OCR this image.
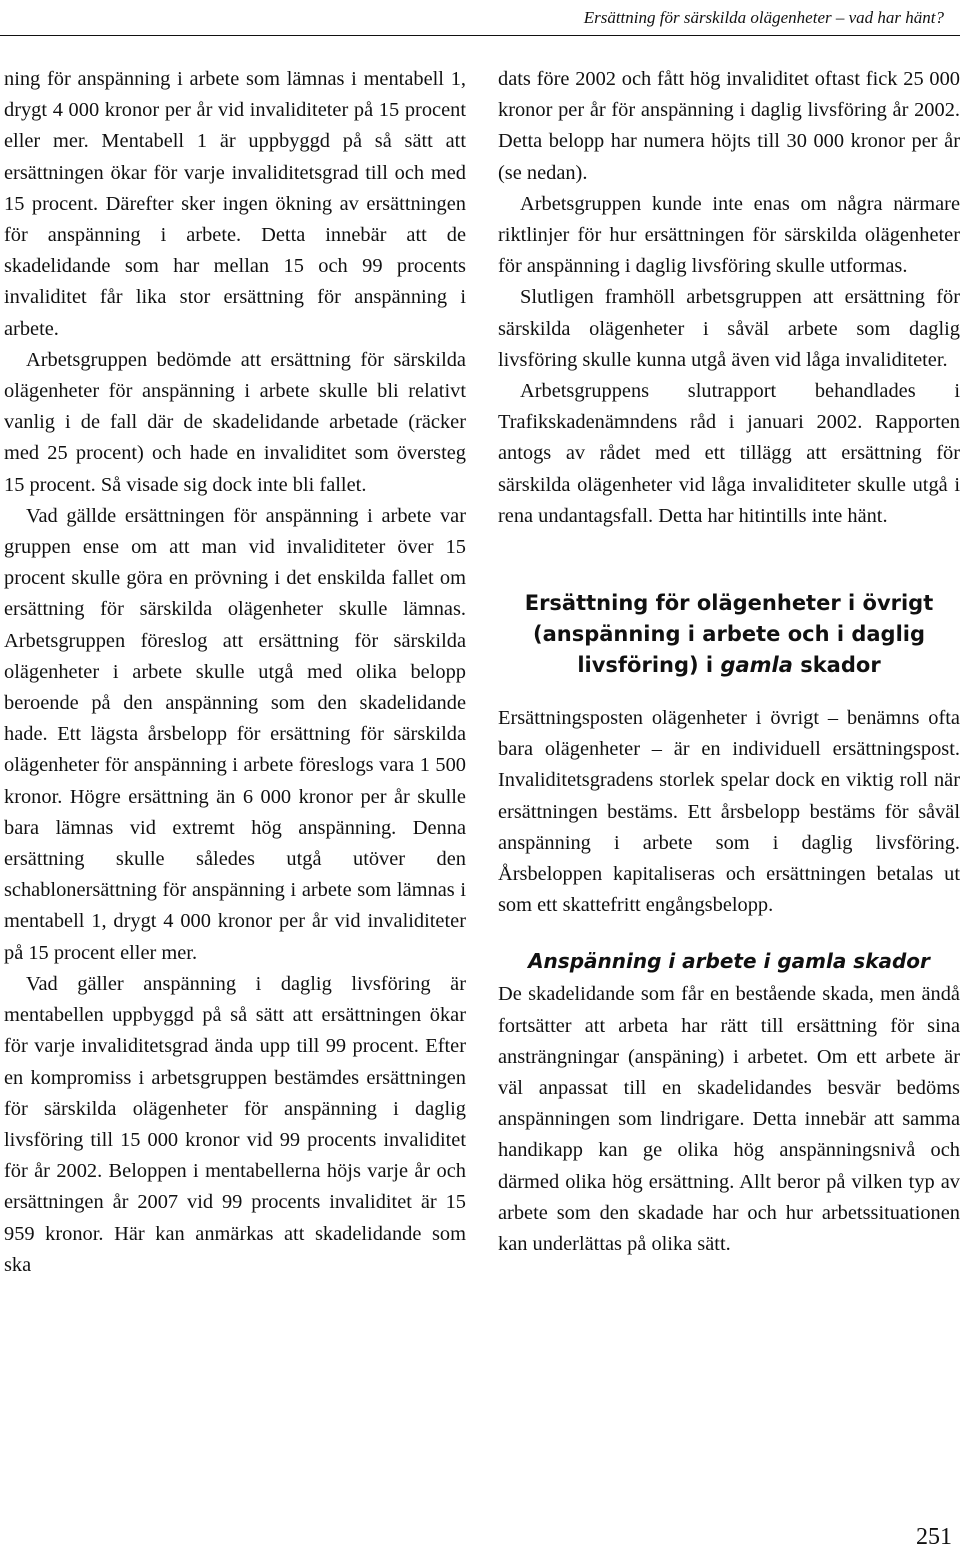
Ersättning för särskilda olägenheter – vad har hänt?

ning för anspänning i arbete som lämnas i mentabell 1, drygt 4 000 kronor per år vid invaliditeter på 15 procent eller mer. Mentabell 1 är uppbyggd på så sätt att ersättningen ökar för varje invaliditetsgrad till och med 15 procent. Därefter sker ingen ökning av ersättningen för anspänning i arbete. Detta innebär att de skadelidande som har mellan 15 och 99 procents invaliditet får lika stor ersättning för anspänning i arbete.

Arbetsgruppen bedömde att ersättning för särskilda olägenheter för anspänning i arbete skulle bli relativt vanlig i de fall där de skadelidande arbetade (räcker med 25 procent) och hade en invaliditet som översteg 15 procent. Så visade sig dock inte bli fallet.

Vad gällde ersättningen för anspänning i arbete var gruppen ense om att man vid invaliditeter över 15 procent skulle göra en prövning i det enskilda fallet om ersättning för särskilda olägenheter skulle lämnas. Arbetsgruppen föreslog att ersättning för särskilda olägenheter i arbete skulle utgå med olika belopp beroende på den anspänning som den skadelidande hade. Ett lägsta årsbelopp för ersättning för särskilda olägenheter för anspänning i arbete föreslogs vara 1 500 kronor. Högre ersättning än 6 000 kronor per år skulle bara lämnas vid extremt hög anspänning. Denna ersättning skulle således utgå utöver den schablonersättning för anspänning i arbete som lämnas i mentabell 1, drygt 4 000 kronor per år vid invaliditeter på 15 procent eller mer.

Vad gäller anspänning i daglig livsföring är mentabellen uppbyggd på så sätt att ersättningen ökar för varje invaliditetsgrad ända upp till 99 procent. Efter en kompromiss i arbetsgruppen bestämdes ersättningen för särskilda olägenheter för anspänning i daglig livsföring till 15 000 kronor vid 99 procents invaliditet för år 2002. Beloppen i mentabellerna höjs varje år och ersättningen år 2007 vid 99 procents invaliditet är 15 959 kronor. Här kan anmärkas att skadelidande som ska

dats före 2002 och fått hög invaliditet oftast fick 25 000 kronor per år för anspänning i daglig livsföring år 2002. Detta belopp har numera höjts till 30 000 kronor per år (se nedan).

Arbetsgruppen kunde inte enas om några närmare riktlinjer för hur ersättningen för särskilda olägenheter för anspänning i daglig livsföring skulle utformas.

Slutligen framhöll arbetsgruppen att ersättning för särskilda olägenheter i såväl arbete som daglig livsföring skulle kunna utgå även vid låga invaliditeter.

Arbetsgruppens slutrapport behandlades i Trafikskadenämndens råd i januari 2002. Rapporten antogs av rådet med ett tillägg att ersättning för särskilda olägenheter vid låga invaliditeter skulle utgå i rena undantagsfall. Detta har hitintills inte hänt.

Ersättning för olägenheter i övrigt (anspänning i arbete och i daglig livsföring) i gamla skador

Ersättningsposten olägenheter i övrigt – benämns ofta bara olägenheter – är en individuell ersättningspost. Invaliditetsgradens storlek spelar dock en viktig roll när ersättningen bestäms. Ett årsbelopp bestäms för såväl anspänning i arbete som i daglig livsföring. Årsbeloppen kapitaliseras och ersättningen betalas ut som ett skattefritt engångsbelopp.

Anspänning i arbete i gamla skador

De skadelidande som får en bestående skada, men ändå fortsätter att arbeta har rätt till ersättning för sina ansträngningar (anspäning) i arbetet. Om ett arbete är väl anpassat till en skadelidandes besvär bedöms anspänningen som lindrigare. Detta innebär att samma handikapp kan ge olika hög anspänningsnivå och därmed olika hög ersättning. Allt beror på vilken typ av arbete som den skadade har och hur arbetssituationen kan underlättas på olika sätt.

251
